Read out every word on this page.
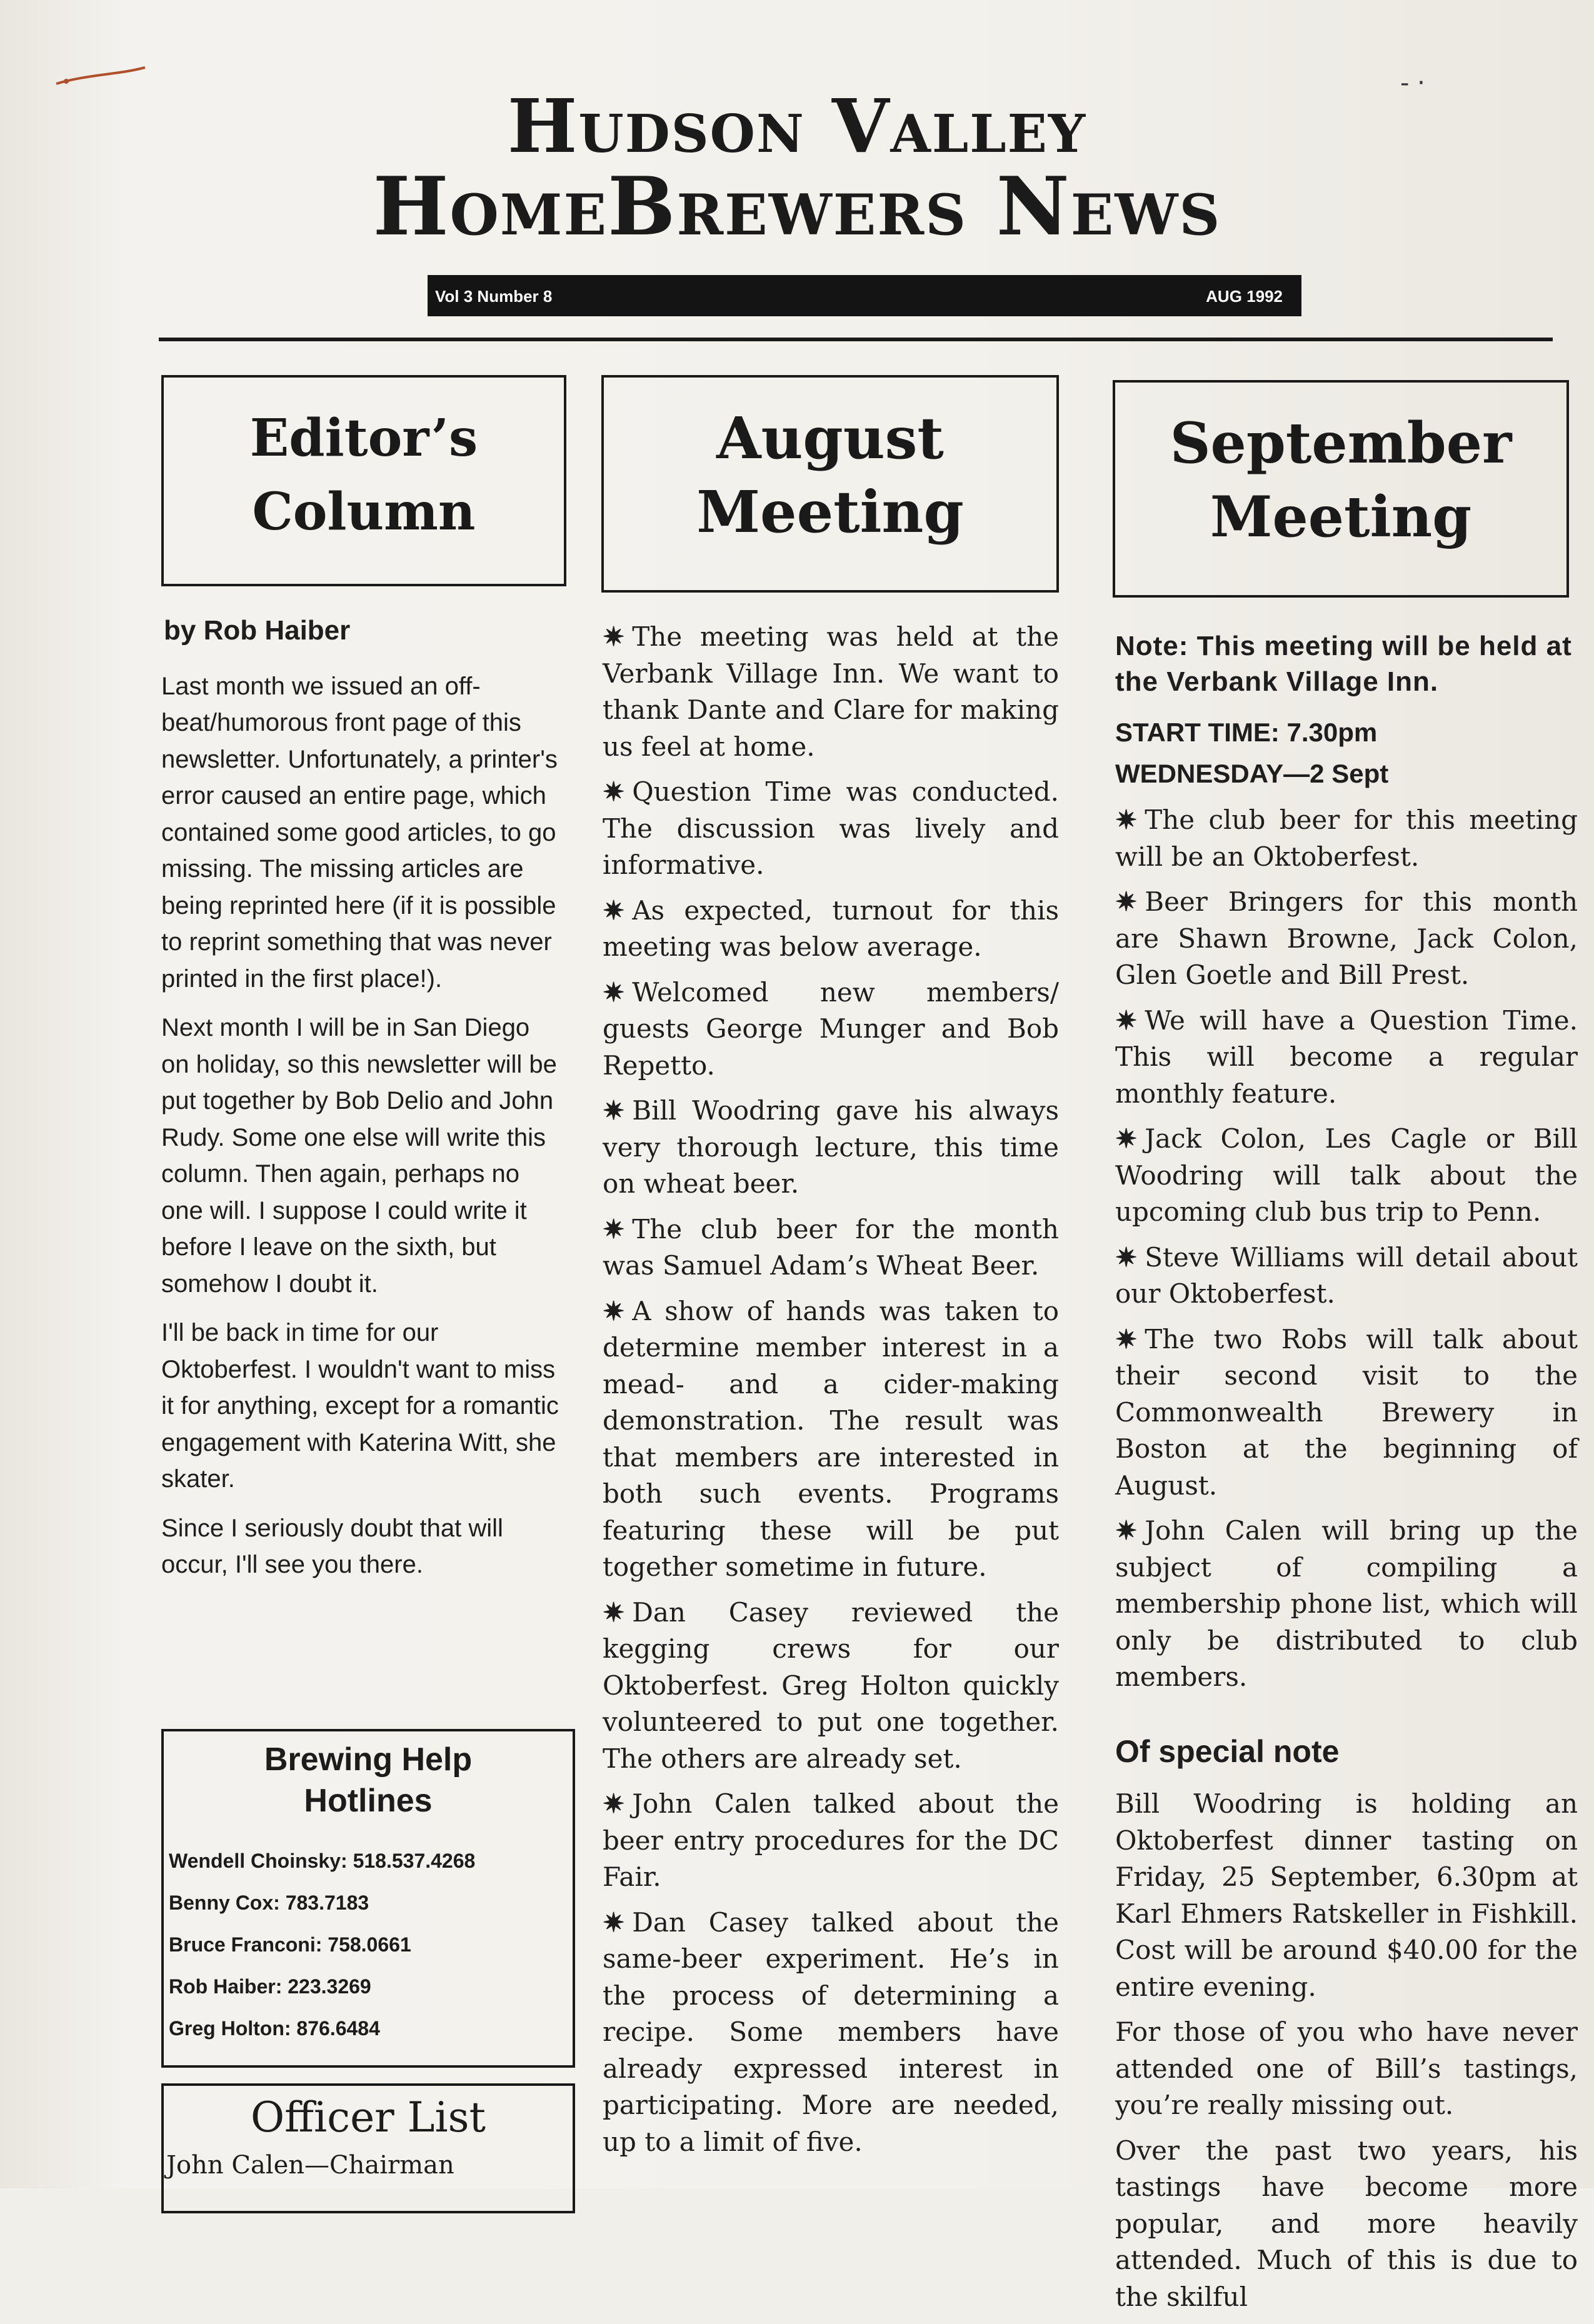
- ·
Hudson Valley
HomeBrewers News
Vol 3 Number 8	AUG 1992
Editor’s
Column
August
Meeting
September
Meeting

by Rob Haiber

Last month we issued an off-beat/humorous front page of this newsletter. Unfortunately, a printer's error caused an entire page, which contained some good articles, to go missing. The missing articles are being reprinted here (if it is possible to reprint something that was never printed in the first place!).

Next month I will be in San Diego on holiday, so this newsletter will be put together by Bob Delio and John Rudy. Some one else will write this column. Then again, perhaps no one will. I suppose I could write it before I leave on the sixth, but somehow I doubt it.

I'll be back in time for our Oktoberfest. I wouldn't want to miss it for anything, except for a romantic engagement with Katerina Witt, she skater.

Since I seriously doubt that will occur, I'll see you there.

Brewing Help
Hotlines
Wendell Choinsky: 518.537.4268
Benny Cox: 783.7183
Bruce Franconi: 758.0661
Rob Haiber: 223.3269
Greg Holton: 876.6484
Officer List
John Calen—Chairman

✷ The meeting was held at the Verbank Village Inn. We want to thank Dante and Clare for making us feel at home.

✷ Question Time was conducted. The discussion was lively and informative.

✷ As expected, turnout for this meeting was below average.

✷ Welcomed new members/ guests George Munger and Bob Repetto.

✷ Bill Woodring gave his always very thorough lecture, this time on wheat beer.

✷ The club beer for the month was Samuel Adam’s Wheat Beer.

✷ A show of hands was taken to determine member interest in a mead- and a cider-making demonstration. The result was that members are interested in both such events. Programs featuring these will be put together sometime in future.

✷ Dan Casey reviewed the kegging crews for our Oktoberfest. Greg Holton quickly volunteered to put one together. The others are already set.

✷ John Calen talked about the beer entry procedures for the DC Fair.

✷ Dan Casey talked about the same-beer experiment. He’s in the process of determining a recipe. Some members have already expressed interest in participating. More are needed, up to a limit of five.

Note: This meeting will be held at the Verbank Village Inn.

START TIME: 7.30pm
WEDNESDAY—2 Sept

✷ The club beer for this meeting will be an Oktoberfest.

✷ Beer Bringers for this month are Shawn Browne, Jack Colon, Glen Goetle and Bill Prest.

✷ We will have a Question Time. This will become a regular monthly feature.

✷ Jack Colon, Les Cagle or Bill Woodring will talk about the upcoming club bus trip to Penn.

✷ Steve Williams will detail about our Oktoberfest.

✷ The two Robs will talk about their second visit to the Commonwealth Brewery in Boston at the beginning of August.

✷ John Calen will bring up the subject of compiling a membership phone list, which will only be distributed to club members.

Of special note

Bill Woodring is holding an Oktoberfest dinner tasting on Friday, 25 September, 6.30pm at Karl Ehmers Ratskeller in Fishkill. Cost will be around $40.00 for the entire evening.

For those of you who have never attended one of Bill’s tastings, you’re really missing out.

Over the past two years, his tastings have become more popular, and more heavily attended. Much of this is due to the skilful
